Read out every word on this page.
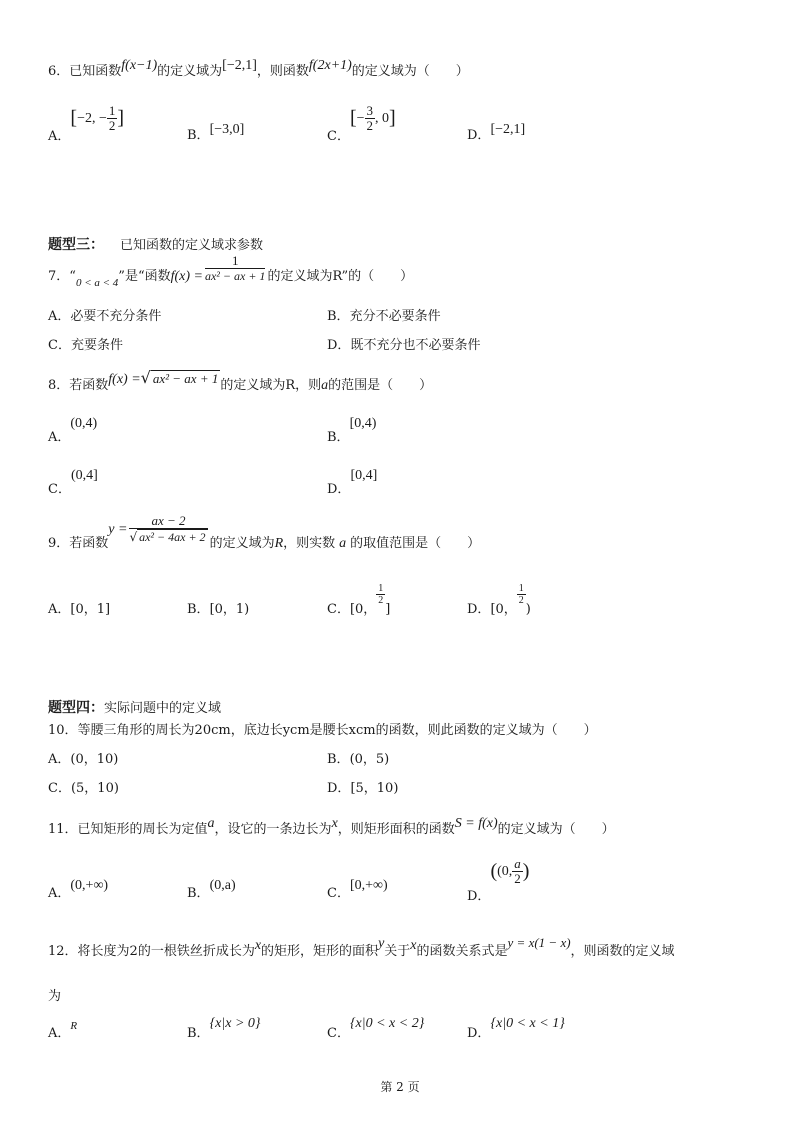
6．已知函数f(x−1)的定义域为[−2,1]，则函数f(2x+1)的定义域为（　　）
A．[−2, − $\frac{1}{2}$ ]
B．[−3,0]	C．[− $\frac{3}{2}$ , 0]
D．[−2,1]
题型三： 已知函数的定义域求参数
7．“$_{0 < a < 4}$”是“函数$f(x) = \frac{1}{\text{ax² − ax + 1}}$ 的定义域为R”的（　　）
A．必要不充分条件	B．充分不必要条件
C．充要条件	D．既不充分也不必要条件
8．若函数f(x) =√ ax² − ax + 1 的定义域为R，则a的范围是（　　）
A．(0,4)
B．[0,4)
C．(0,4]
D．[0,4]
9．若函数$y = \frac{ax - 2}{\text{√ ax² − 4ax + 2}}$ 的定义域为R，则实数 a 的取值范围是（　　）
A．[0，1]	B．[0，1)	C．[0，
$\frac{1}{2}$
]	D．[0，
$\frac{1}{2}$
)
题型四：实际问题中的定义域
10．等腰三角形的周长为20cm，底边长ycm是腰长xcm的函数，则此函数的定义域为（　　）
A．(0，10)	B．(0，5)
C．(5，10)	D．[5，10)
11．已知矩形的周长为定值a，设它的一条边长为x，则矩形面积的函数S = f(x)的定义域为（　　）
A．(0,+∞)
B．(0,a)
C．[0,+∞)
D．((0, $\frac{a}{2}$ )
12．将长度为2的一根铁丝折成长为x的矩形，矩形的面积y关于x的函数关系式是y = x(1 − x)，则函数的定义域
为
A．R	B．{x|x > 0}
C．{x|0 < x < 2}
D．{x|0 < x < 1}
第 2 页
